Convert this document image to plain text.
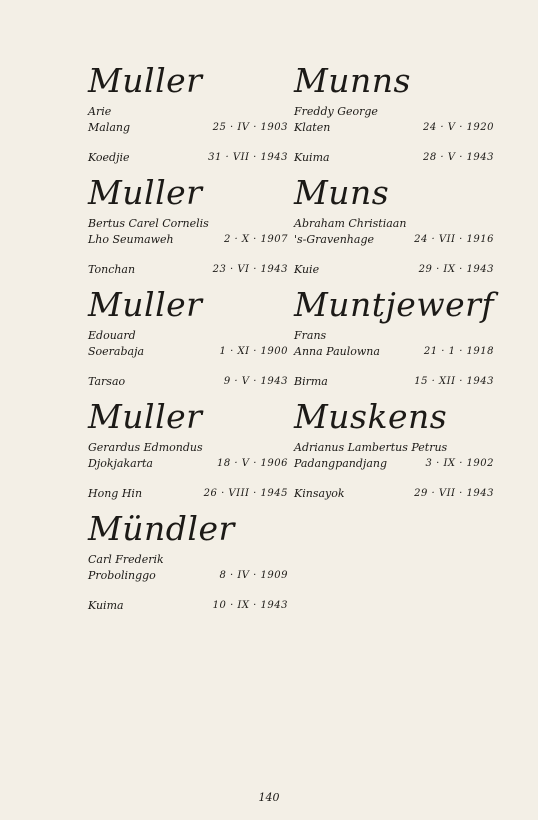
Muller
Arie
Malang	25 · IV · 1903
Koedjie	31 · VII · 1943
Muller
Bertus Carel Cornelis
Lho Seumaweh	2 · X · 1907
Tonchan	23 · VI · 1943
Muller
Edouard
Soerabaja	1 · XI · 1900
Tarsao	9 · V · 1943
Muller
Gerardus Edmondus
Djokjakarta	18 · V · 1906
Hong Hin	26 · VIII · 1945
Mündler
Carl Frederik
Probolinggo	8 · IV · 1909
Kuima	10 · IX · 1943
Munns
Freddy George
Klaten	24 · V · 1920
Kuima	28 · V · 1943
Muns
Abraham Christiaan
's-Gravenhage	24 · VII · 1916
Kuie	29 · IX · 1943
Muntjewerf
Frans
Anna Paulowna	21 · 1 · 1918
Birma	15 · XII · 1943
Muskens
Adrianus Lambertus Petrus
Padangpandjang	3 · IX · 1902
Kinsayok	29 · VII · 1943
140
